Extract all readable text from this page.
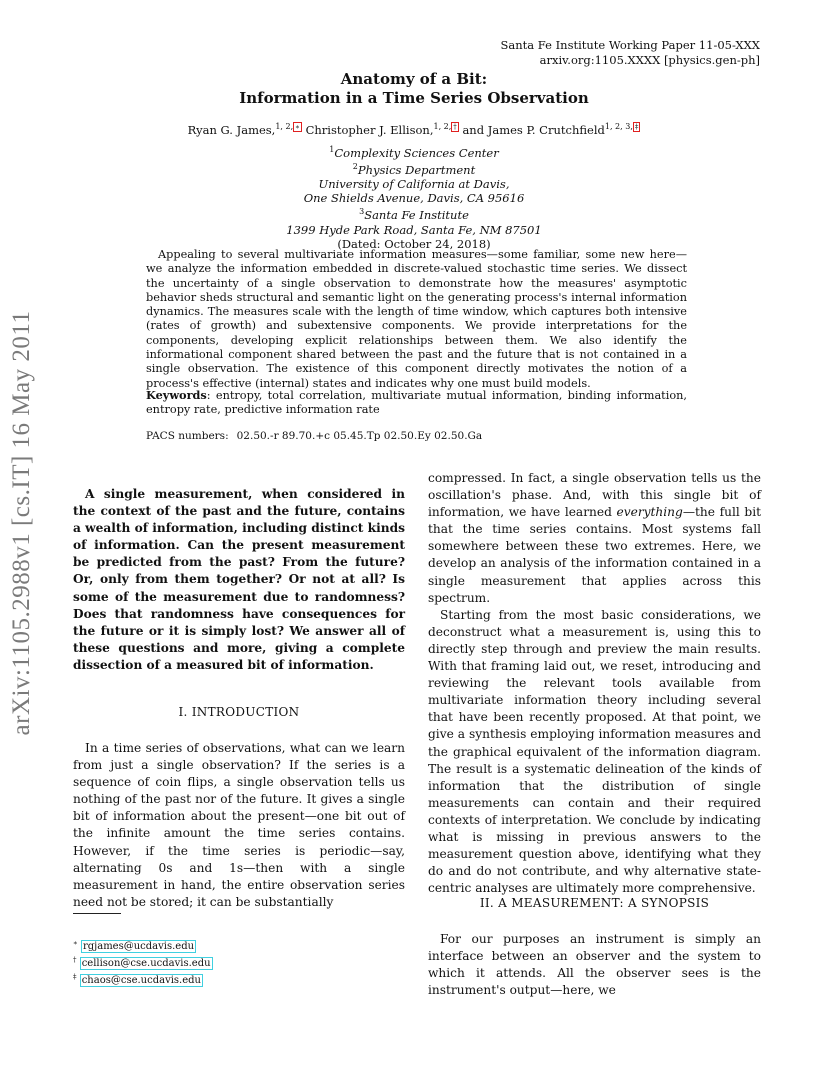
Santa Fe Institute Working Paper 11-05-XXX
arxiv.org:1105.XXXX [physics.gen-ph]
Anatomy of a Bit:
Information in a Time Series Observation
Ryan G. James,$^{1, 2,}$ ∗ Christopher J. Ellison,$^{1, 2,}$ † and James P. Crutchfield$^{1, 2, 3,}$ ‡
$^1$Complexity Sciences Center
$^2$Physics Department
University of California at Davis,
One Shields Avenue, Davis, CA 95616
$^3$Santa Fe Institute
1399 Hyde Park Road, Santa Fe, NM 87501
(Dated: October 24, 2018)
Appealing to several multivariate information measures—some familiar, some new here—we analyze the information embedded in discrete-valued stochastic time series. We dissect the uncertainty of a single observation to demonstrate how the measures' asymptotic behavior sheds structural and semantic light on the generating process's internal information dynamics. The measures scale with the length of time window, which captures both intensive (rates of growth) and subextensive components. We provide interpretations for the components, developing explicit relationships between them. We also identify the informational component shared between the past and the future that is not contained in a single observation. The existence of this component directly motivates the notion of a process's effective (internal) states and indicates why one must build models.
Keywords: entropy, total correlation, multivariate mutual information, binding information, entropy rate, predictive information rate
PACS numbers: 02.50.-r 89.70.+c 05.45.Tp 02.50.Ey 02.50.Ga
arXiv:1105.2988v1 [cs.IT] 16 May 2011	A single measurement, when considered in the context of the past and the future, contains a wealth of information, including distinct kinds of information. Can the present measurement be predicted from the past? From the future? Or, only from them together? Or not at all? Is some of the measurement due to randomness? Does that randomness have consequences for the future or it is simply lost? We answer all of these questions and more, giving a complete dissection of a measured bit of information.
I. INTRODUCTION

In a time series of observations, what can we learn from just a single observation? If the series is a sequence of coin flips, a single observation tells us nothing of the past nor of the future. It gives a single bit of information about the present—one bit out of the infinite amount the time series contains. However, if the time series is periodic—say, alternating 0s and 1s—then with a single measurement in hand, the entire observation series need not be stored; it can be substantially

compressed. In fact, a single observation tells us the oscillation's phase. And, with this single bit of information, we have learned everything—the full bit that the time series contains. Most systems fall somewhere between these two extremes. Here, we develop an analysis of the information contained in a single measurement that applies across this spectrum.

Starting from the most basic considerations, we deconstruct what a measurement is, using this to directly step through and preview the main results. With that framing laid out, we reset, introducing and reviewing the relevant tools available from multivariate information theory including several that have been recently proposed. At that point, we give a synthesis employing information measures and the graphical equivalent of the information diagram. The result is a systematic delineation of the kinds of information that the distribution of single measurements can contain and their required contexts of interpretation. We conclude by indicating what is missing in previous answers to the measurement question above, identifying what they do and do not contribute, and why alternative state-centric analyses are ultimately more comprehensive.

II. A MEASUREMENT: A SYNOPSIS

For our purposes an instrument is simply an interface between an observer and the system to which it attends. All the observer sees is the instrument's output—here, we

∗ rgjames@ucdavis.edu
† cellison@cse.ucdavis.edu
‡ chaos@cse.ucdavis.edu
